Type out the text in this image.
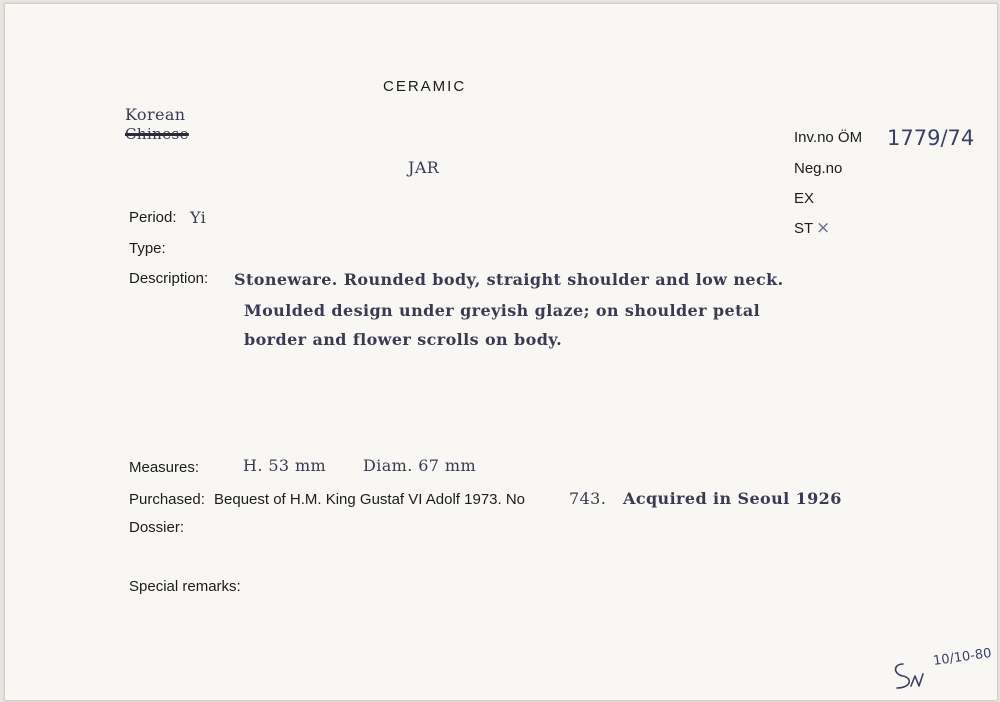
CERAMIC
Korean
Chinese
JAR
Period: Yi
Type:
Description: Stoneware. Rounded body, straight shoulder and low neck.
Moulded design under greyish glaze; on shoulder petal
border and flower scrolls on body.
Measures:	H. 53 mm Diam. 67 mm
Purchased: Bequest of H.M. King Gustaf VI Adolf 1973. No	743. Acquired in Seoul 1926
Dossier:
Special remarks:
Inv.no ÖM 1779/74
Neg.no
EX
ST ×
10/10-80
